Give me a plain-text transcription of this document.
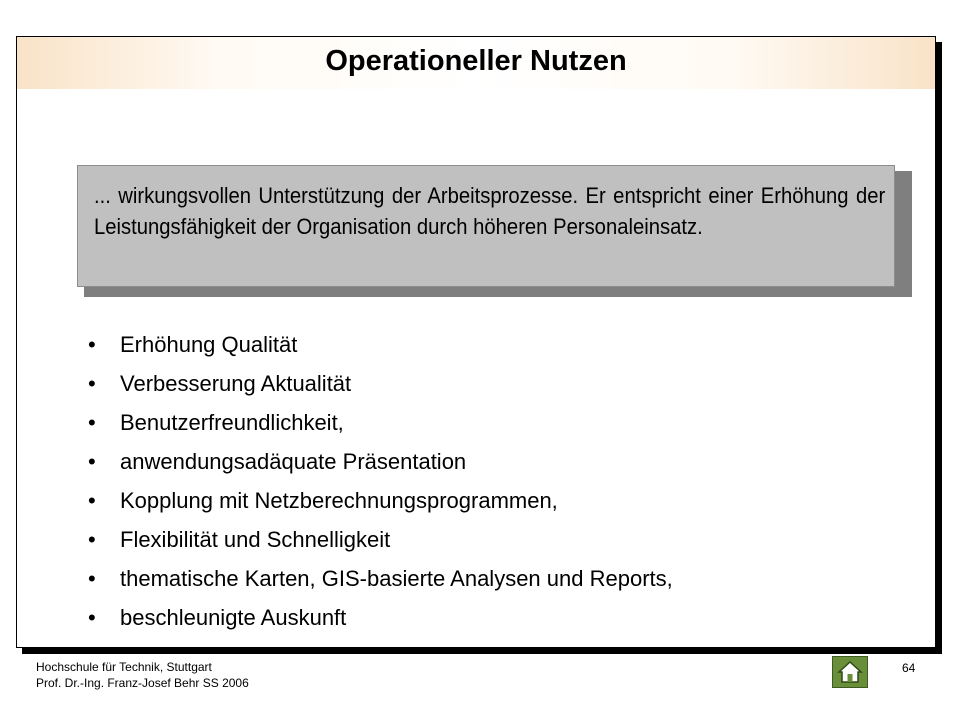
Operationeller Nutzen
... wirkungsvollen Unterstützung der Arbeitsprozesse. Er entspricht einer Erhöhung der Leistungsfähigkeit der Organisation durch höheren Personaleinsatz.
• Erhöhung Qualität
• Verbesserung Aktualität
• Benutzerfreundlichkeit,
• anwendungsadäquate Präsentation
• Kopplung mit Netzberechnungsprogrammen,
• Flexibilität und Schnelligkeit
• thematische Karten, GIS-basierte Analysen und Reports,
• beschleunigte Auskunft
Hochschule für Technik, Stuttgart
Prof. Dr.-Ing. Franz-Josef Behr SS 2006
64
